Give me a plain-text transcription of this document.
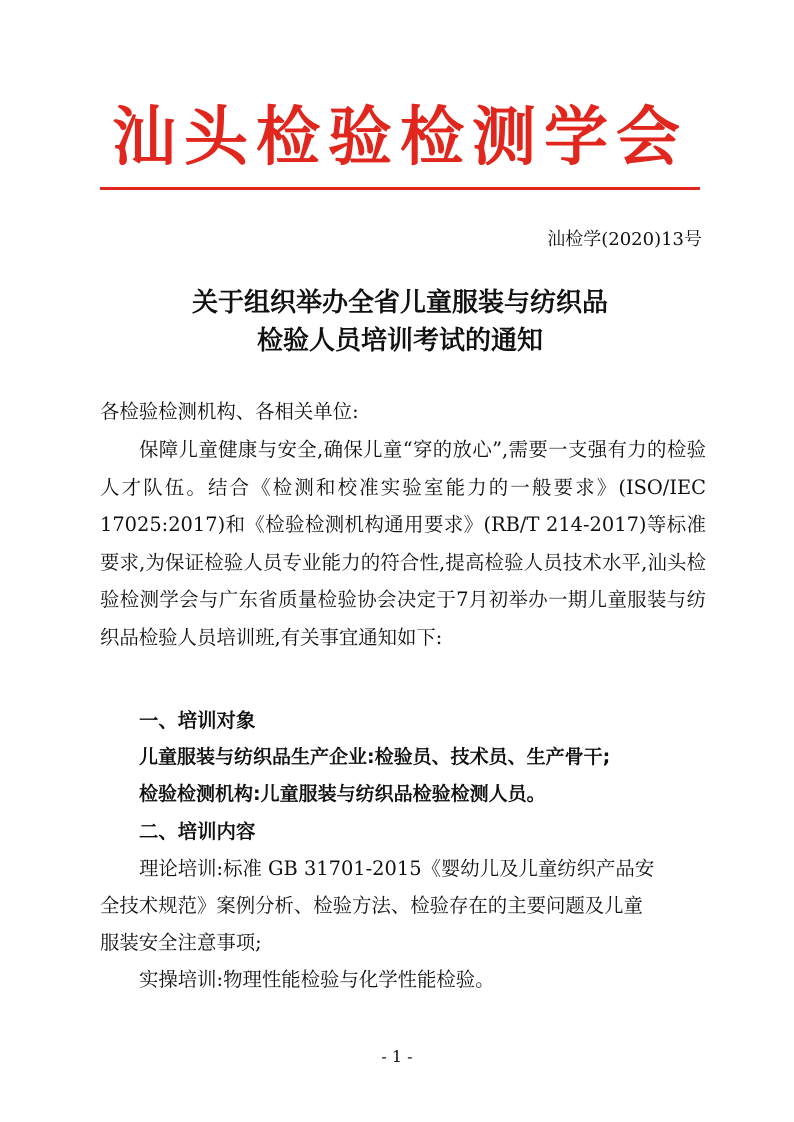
汕头检验检测学会
汕检学(2020)13号
关于组织举办全省儿童服装与纺织品
检验人员培训考试的通知
各检验检测机构、各相关单位:
保障儿童健康与安全,确保儿童“穿的放心”,需要一支强有力的检验人才队伍。结合《检测和校准实验室能力的一般要求》(ISO/IEC 17025:2017)和《检验检测机构通用要求》(RB/T 214-2017)等标准要求,为保证检验人员专业能力的符合性,提高检验人员技术水平,汕头检验检测学会与广东省质量检验协会决定于7月初举办一期儿童服装与纺织品检验人员培训班,有关事宜通知如下:
一、培训对象
儿童服装与纺织品生产企业:检验员、技术员、生产骨干;
检验检测机构:儿童服装与纺织品检验检测人员。
二、培训内容
理论培训:标准 GB 31701-2015《婴幼儿及儿童纺织产品安
全技术规范》案例分析、检验方法、检验存在的主要问题及儿童
服装安全注意事项;
实操培训:物理性能检验与化学性能检验。
- 1 -
